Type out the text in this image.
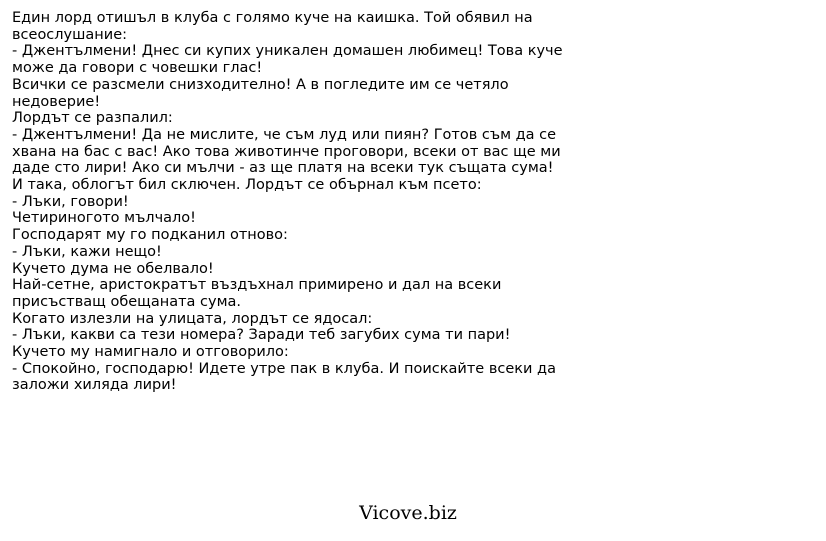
Един лорд отишъл в клуба с голямо куче на каишка. Той обявил на
всеослушание:
- Джентълмени! Днес си купих уникален домашен любимец! Това куче
може да говори с човешки глас!
Всички се разсмели снизходително! А в погледите им се четяло
недоверие!
Лордът се разпалил:
- Джентълмени! Да не мислите, че съм луд или пиян? Готов съм да се
хвана на бас с вас! Ако това животинче проговори, всеки от вас ще ми
даде сто лири! Ако си мълчи - аз ще платя на всеки тук същата сума!
И така, облогът бил сключен. Лордът се обърнал към псето:
- Лъки, говори!
Четириногото мълчало!
Господарят му го подканил отново:
- Лъки, кажи нещо!
Кучето дума не обелвало!
Най-сетне, аристократът въздъхнал примирено и дал на всеки
присъстващ обещаната сума.
Когато излезли на улицата, лордът се ядосал:
- Лъки, какви са тези номера? Заради теб загубих сума ти пари!
Кучето му намигнало и отговорило:
- Спокойно, господарю! Идете утре пак в клуба. И поискайте всеки да
заложи хиляда лири!
Vicove.biz
